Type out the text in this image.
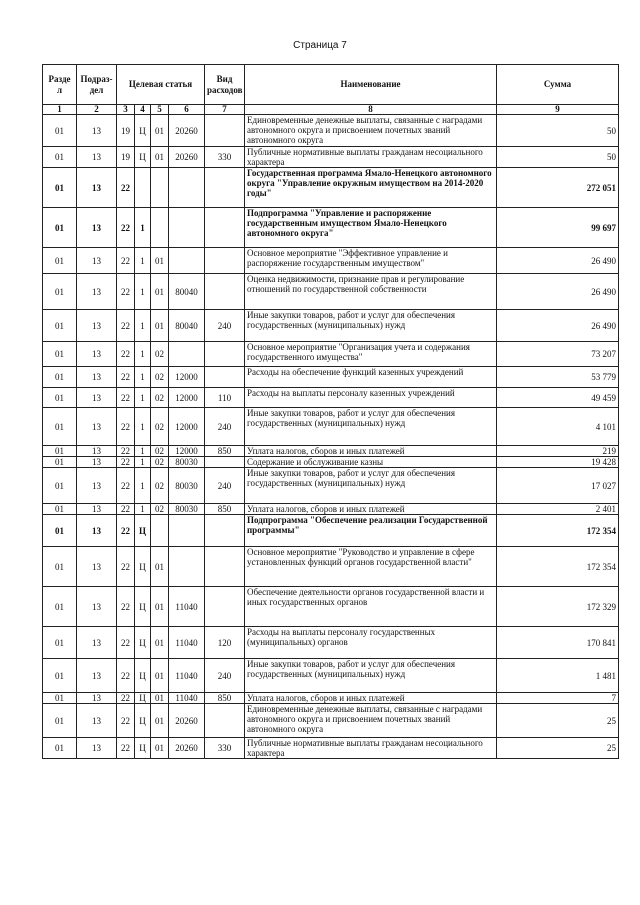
Страница 7
Разде л	Подраз- дел	Целевая статья				Вид расходов	Наименование	Сумма
1	2	3	4	5	6	7	8	9
01	13	19	Ц	01	20260		Единовременные денежные выплаты, связанные с наградами автономного округа и присвоением почетных званий автономного округа	50
01	13	19	Ц	01	20260	330	Публичные нормативные выплаты гражданам несоциального характера	50
01	13	22					Государственная программа Ямало-Ненецкого автономного округа "Управление окружным имуществом на 2014-2020 годы"	272 051
01	13	22	1				Подпрограмма "Управление и распоряжение государственным имуществом Ямало-Ненецкого автономного округа"	99 697
01	13	22	1	01			Основное мероприятие "Эффективное управление и распоряжение государственным имуществом"	26 490
01	13	22	1	01	80040		Оценка недвижимости, признание прав и регулирование отношений по государственной собственности	26 490
01	13	22	1	01	80040	240	Иные закупки товаров, работ и услуг для обеспечения государственных (муниципальных) нужд	26 490
01	13	22	1	02			Основное мероприятие "Организация учета и содержания государственного имущества"	73 207
01	13	22	1	02	12000		Расходы на обеспечение функций казенных учреждений	53 779
01	13	22	1	02	12000	110	Расходы на выплаты персоналу казенных учреждений	49 459
01	13	22	1	02	12000	240	Иные закупки товаров, работ и услуг для обеспечения государственных (муниципальных) нужд	4 101
01	13	22	1	02	12000	850	Уплата налогов, сборов и иных платежей	219
01	13	22	1	02	80030		Содержание и обслуживание казны	19 428
01	13	22	1	02	80030	240	Иные закупки товаров, работ и услуг для обеспечения государственных (муниципальных) нужд	17 027
01	13	22	1	02	80030	850	Уплата налогов, сборов и иных платежей	2 401
01	13	22	Ц				Подпрограмма "Обеспечение реализации Государственной программы"	172 354
01	13	22	Ц	01			Основное мероприятие "Руководство и управление в сфере установленных функций органов государственной власти"	172 354
01	13	22	Ц	01	11040		Обеспечение деятельности органов государственной власти и иных государственных органов	172 329
01	13	22	Ц	01	11040	120	Расходы на выплаты персоналу государственных (муниципальных) органов	170 841
01	13	22	Ц	01	11040	240	Иные закупки товаров, работ и услуг для обеспечения государственных (муниципальных) нужд	1 481
01	13	22	Ц	01	11040	850	Уплата налогов, сборов и иных платежей	7
01	13	22	Ц	01	20260		Единовременные денежные выплаты, связанные с наградами автономного округа и присвоением почетных званий автономного округа	25
01	13	22	Ц	01	20260	330	Публичные нормативные выплаты гражданам несоциального характера	25
